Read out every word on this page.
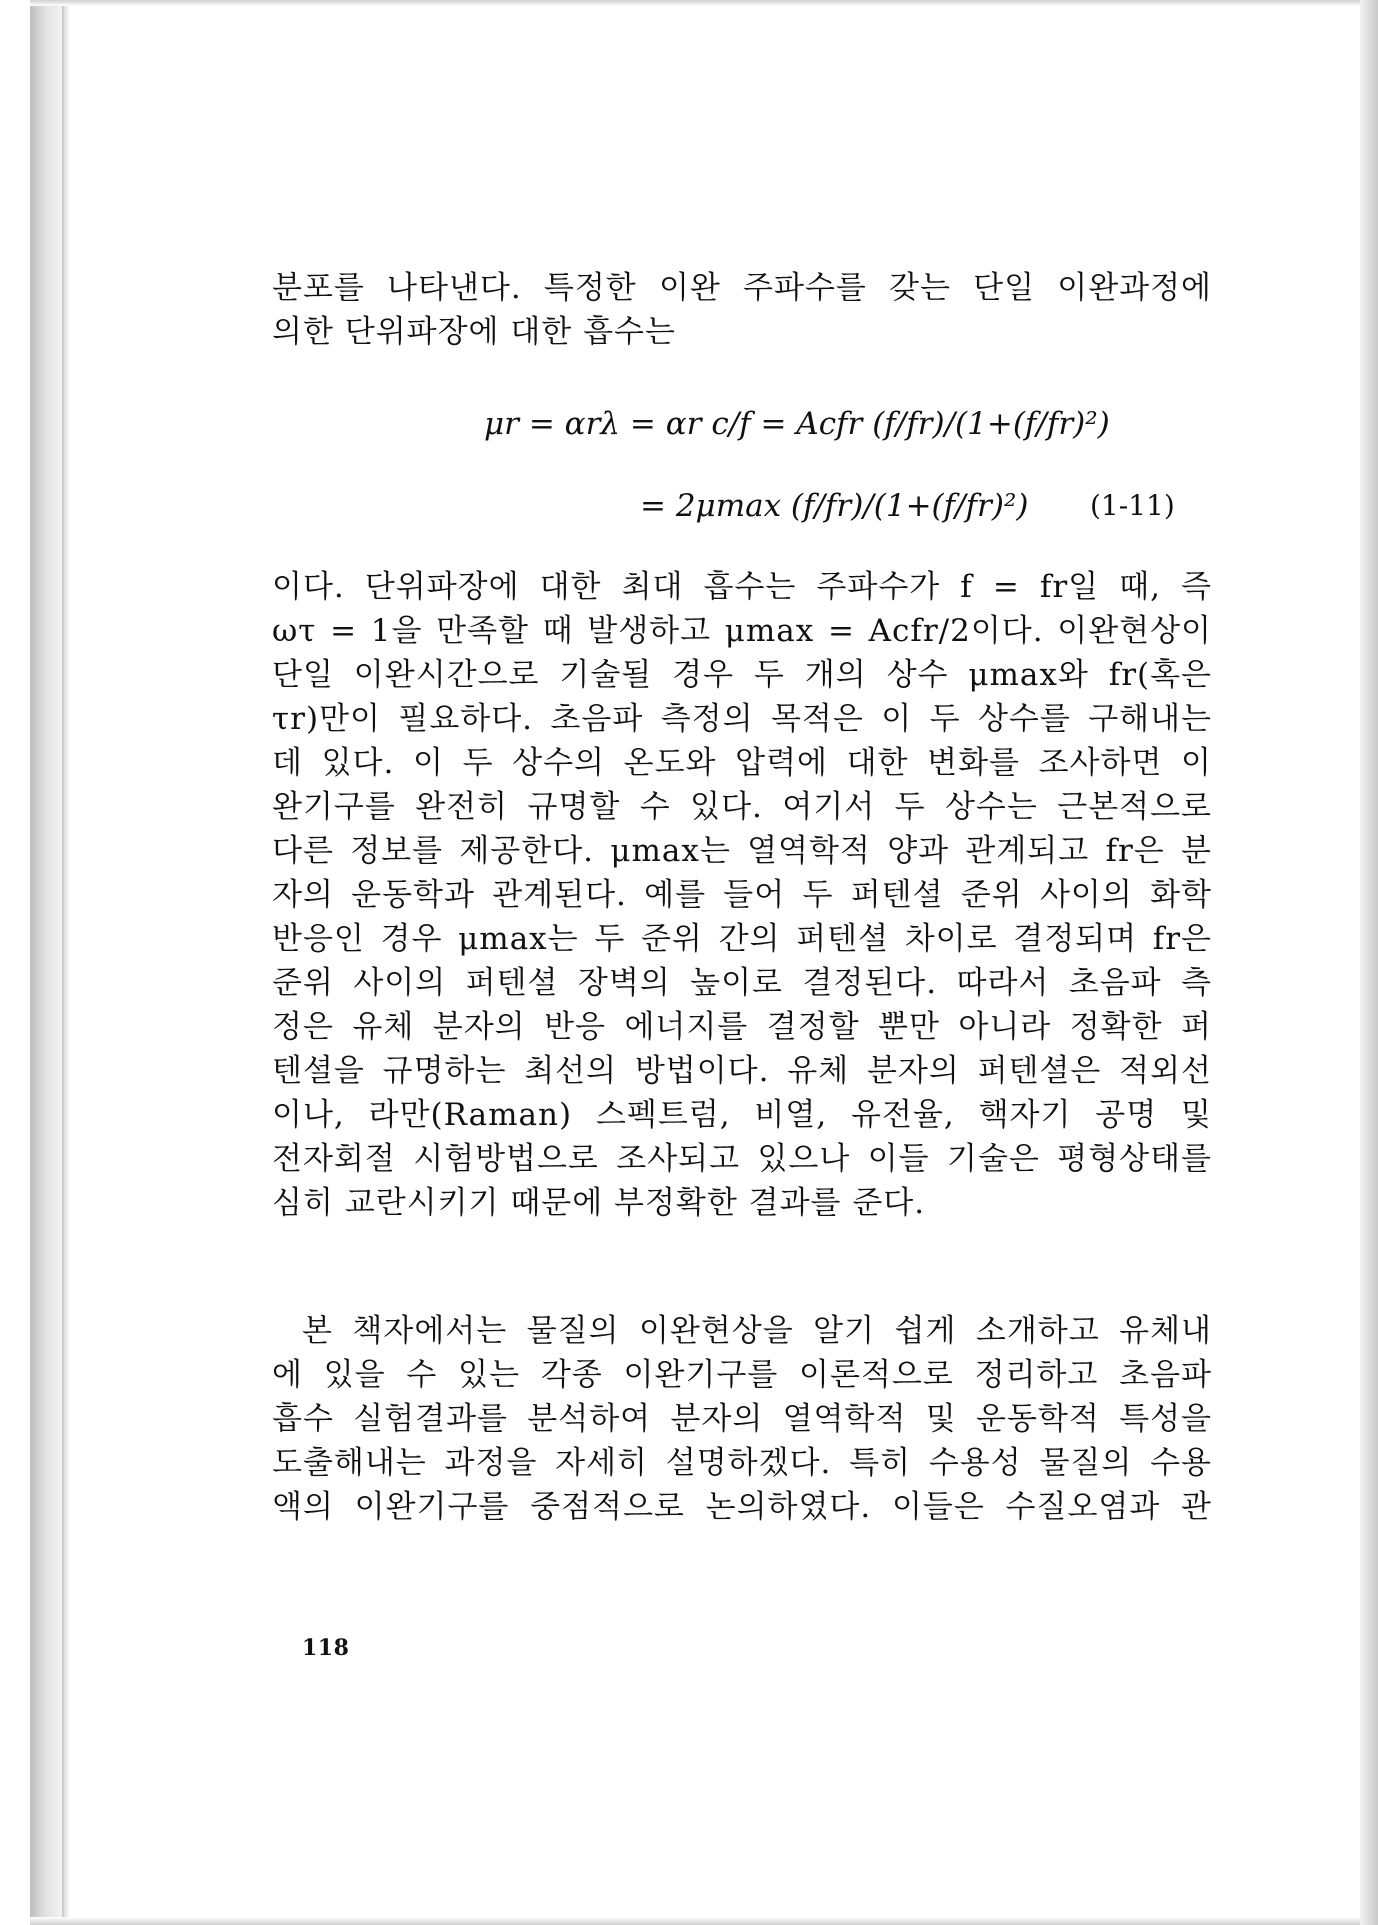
분포를 나타낸다. 특정한 이완 주파수를 갖는 단일 이완과정에
의한 단위파장에 대한 흡수는
μr = αrλ = αr c/f = Acfr (f/fr)/(1+(f/fr)²)
= 2μmax (f/fr)/(1+(f/fr)²) (1-11)
이다. 단위파장에 대한 최대 흡수는 주파수가 f = fr일 때, 즉
ωτ = 1을 만족할 때 발생하고 μmax = Acfr/2이다. 이완현상이
단일 이완시간으로 기술될 경우 두 개의 상수 μmax와 fr(혹은
τr)만이 필요하다. 초음파 측정의 목적은 이 두 상수를 구해내는
데 있다. 이 두 상수의 온도와 압력에 대한 변화를 조사하면 이
완기구를 완전히 규명할 수 있다. 여기서 두 상수는 근본적으로
다른 정보를 제공한다. μmax는 열역학적 양과 관계되고 fr은 분
자의 운동학과 관계된다. 예를 들어 두 퍼텐셜 준위 사이의 화학
반응인 경우 μmax는 두 준위 간의 퍼텐셜 차이로 결정되며 fr은
준위 사이의 퍼텐셜 장벽의 높이로 결정된다. 따라서 초음파 측
정은 유체 분자의 반응 에너지를 결정할 뿐만 아니라 정확한 퍼
텐셜을 규명하는 최선의 방법이다. 유체 분자의 퍼텐셜은 적외선
이나, 라만(Raman) 스펙트럼, 비열, 유전율, 핵자기 공명 및
전자회절 시험방법으로 조사되고 있으나 이들 기술은 평형상태를
심히 교란시키기 때문에 부정확한 결과를 준다.
본 책자에서는 물질의 이완현상을 알기 쉽게 소개하고 유체내
에 있을 수 있는 각종 이완기구를 이론적으로 정리하고 초음파
흡수 실험결과를 분석하여 분자의 열역학적 및 운동학적 특성을
도출해내는 과정을 자세히 설명하겠다. 특히 수용성 물질의 수용
액의 이완기구를 중점적으로 논의하였다. 이들은 수질오염과 관
118
